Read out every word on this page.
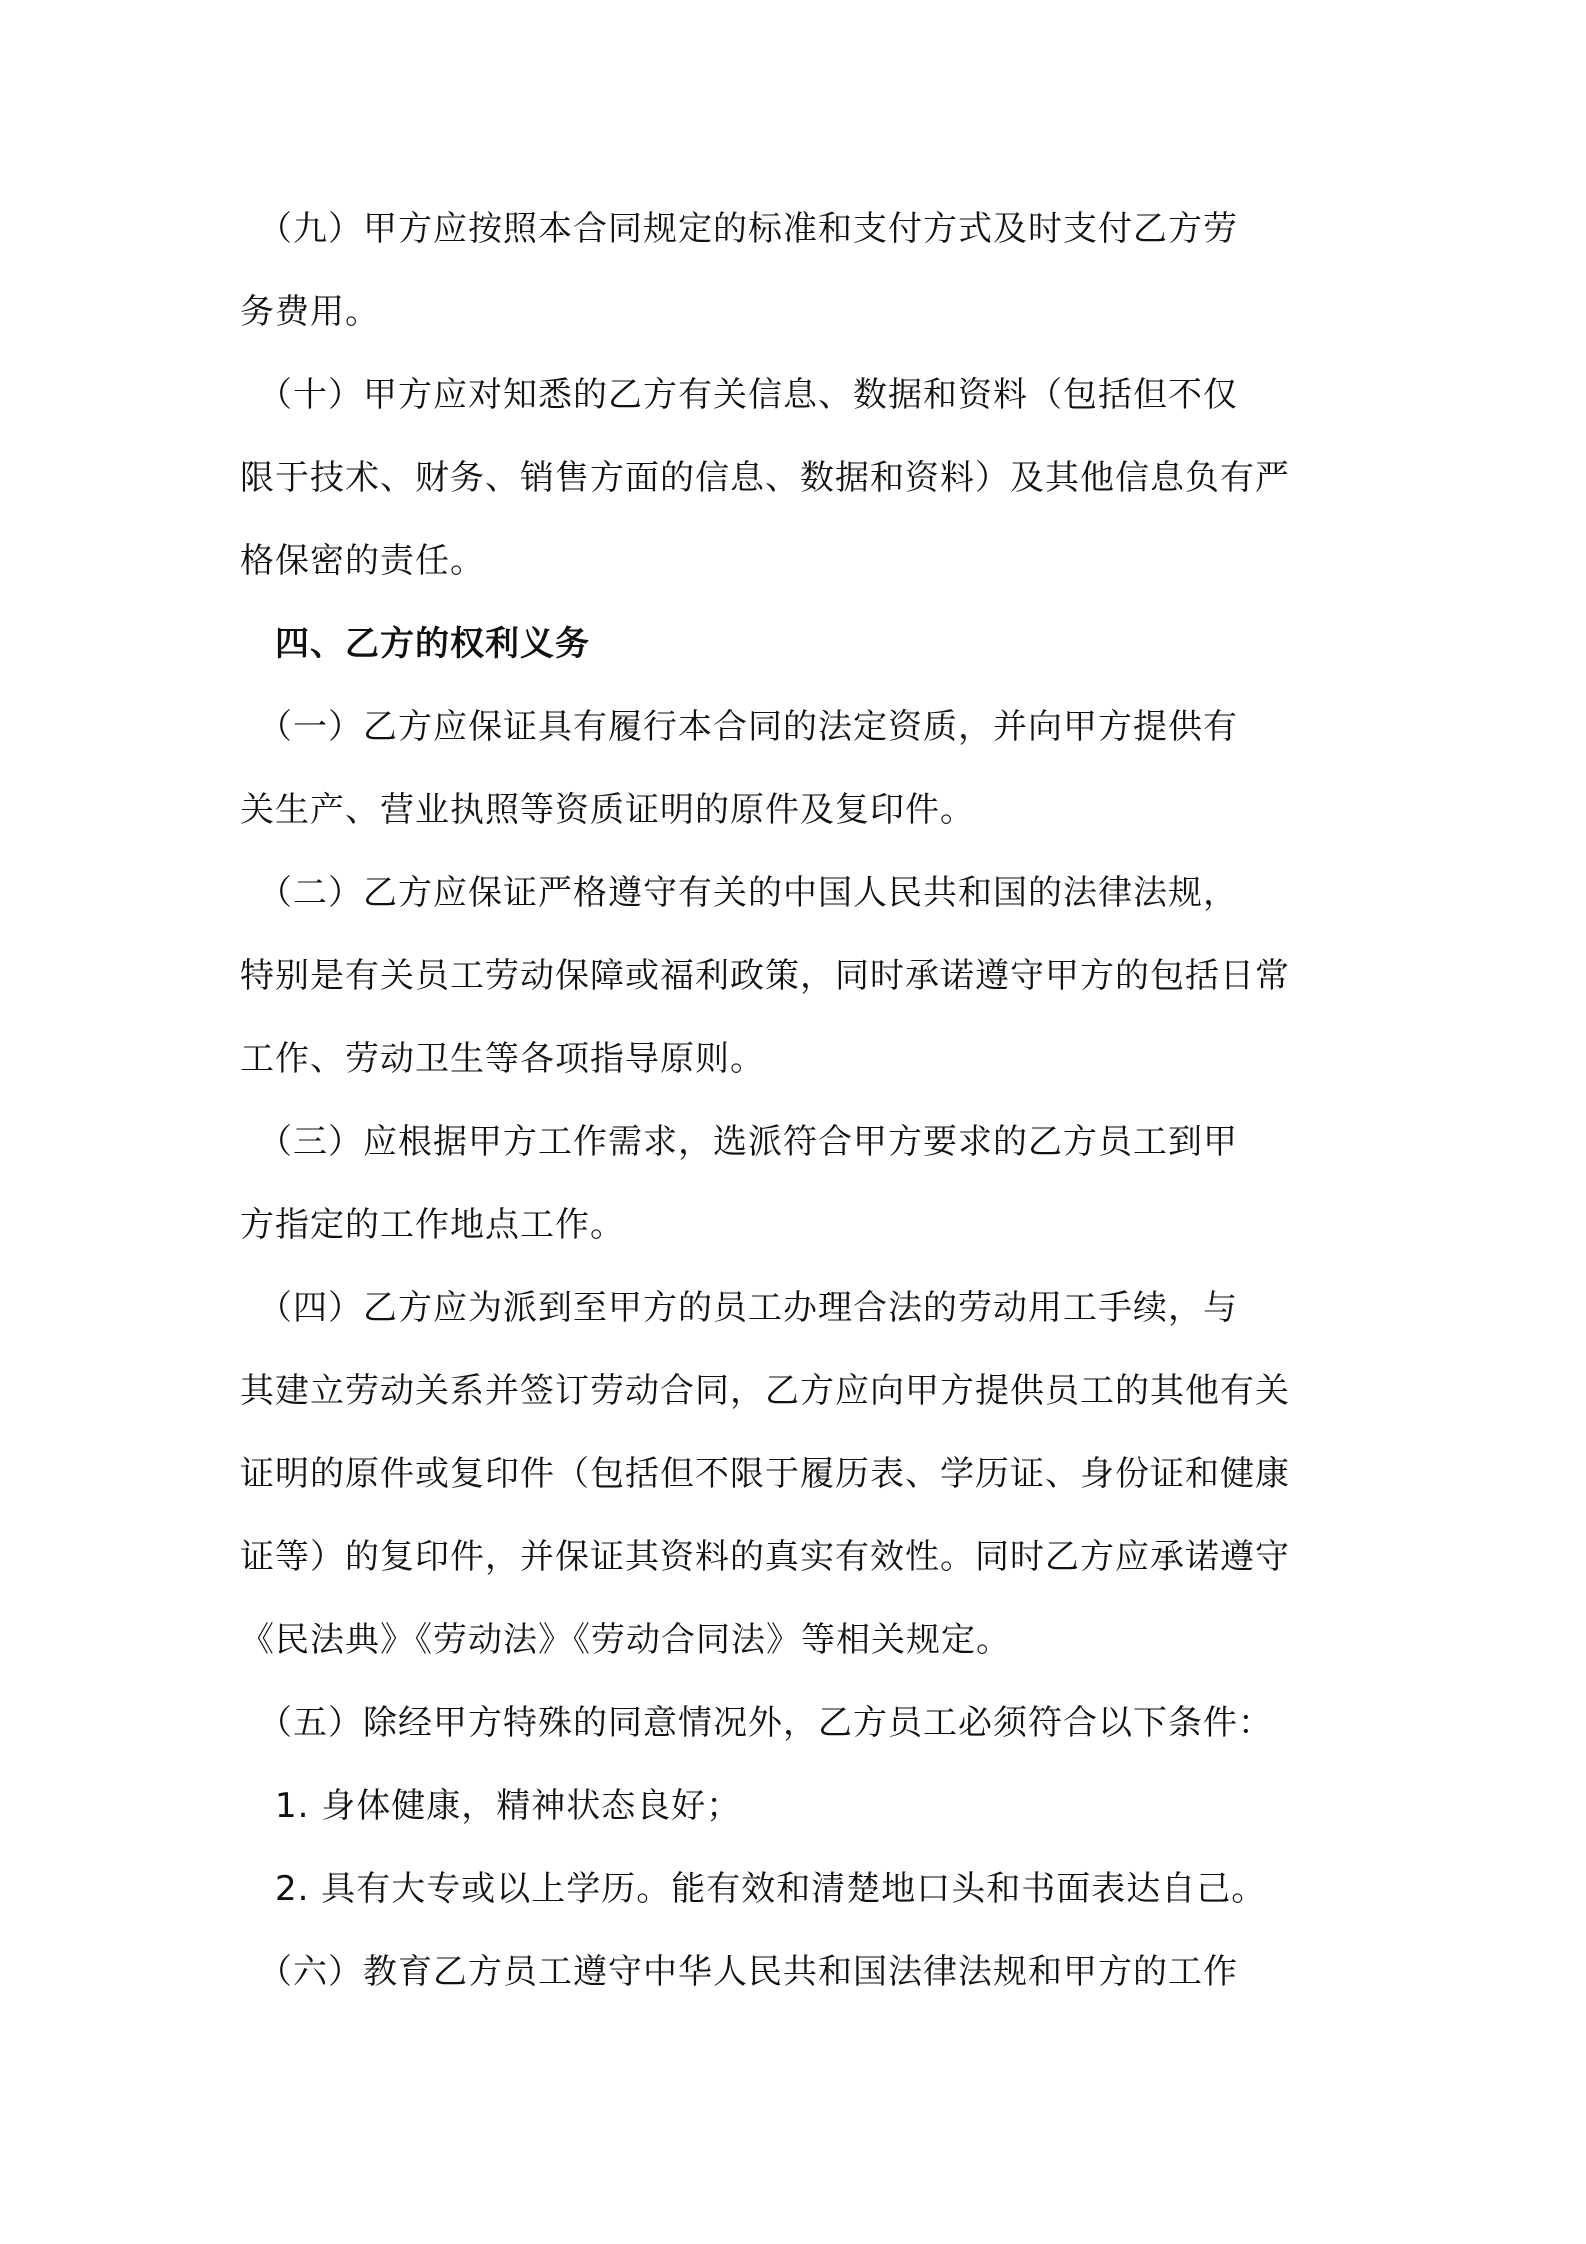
　（九）甲方应按照本合同规定的标准和支付方式及时支付乙方劳
务费用。
　（十）甲方应对知悉的乙方有关信息、数据和资料（包括但不仅
限于技术、财务、销售方面的信息、数据和资料）及其他信息负有严
格保密的责任。
　四、乙方的权利义务
　（一）乙方应保证具有履行本合同的法定资质，并向甲方提供有
关生产、营业执照等资质证明的原件及复印件。
　（二）乙方应保证严格遵守有关的中国人民共和国的法律法规，
特别是有关员工劳动保障或福利政策，同时承诺遵守甲方的包括日常
工作、劳动卫生等各项指导原则。
　（三）应根据甲方工作需求，选派符合甲方要求的乙方员工到甲
方指定的工作地点工作。
　（四）乙方应为派到至甲方的员工办理合法的劳动用工手续，与
其建立劳动关系并签订劳动合同，乙方应向甲方提供员工的其他有关
证明的原件或复印件（包括但不限于履历表、学历证、身份证和健康
证等）的复印件，并保证其资料的真实有效性。同时乙方应承诺遵守
《民法典》《劳动法》《劳动合同法》等相关规定。
　（五）除经甲方特殊的同意情况外，乙方员工必须符合以下条件：
　1. 身体健康，精神状态良好；
　2. 具有大专或以上学历。能有效和清楚地口头和书面表达自己。
　（六）教育乙方员工遵守中华人民共和国法律法规和甲方的工作
